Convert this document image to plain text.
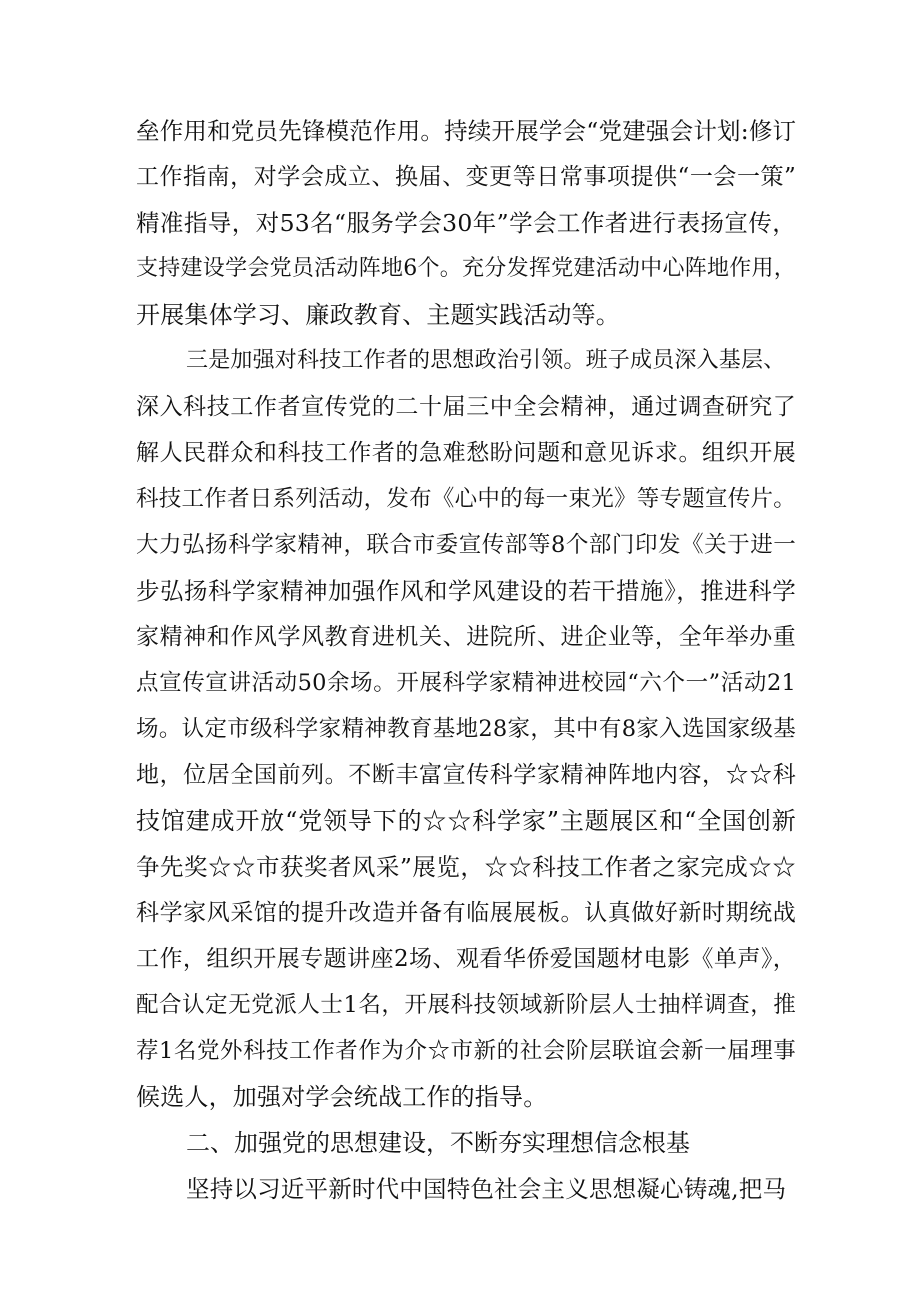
垒作用和党员先锋模范作用。持续开展学会“党建强会计划:修订
工作指南，对学会成立、换届、变更等日常事项提供“一会一策”
精准指导，对53名“服务学会30年”学会工作者进行表扬宣传，
支持建设学会党员活动阵地6个。充分发挥党建活动中心阵地作用，
开展集体学习、廉政教育、主题实践活动等。
三是加强对科技工作者的思想政治引领。班子成员深入基层、
深入科技工作者宣传党的二十届三中全会精神，通过调查研究了
解人民群众和科技工作者的急难愁盼问题和意见诉求。组织开展
科技工作者日系列活动，发布《心中的每一束光》等专题宣传片。
大力弘扬科学家精神，联合市委宣传部等8个部门印发《关于进一
步弘扬科学家精神加强作风和学风建设的若干措施》，推进科学
家精神和作风学风教育进机关、进院所、进企业等，全年举办重
点宣传宣讲活动50余场。开展科学家精神进校园“六个一”活动21
场。认定市级科学家精神教育基地28家，其中有8家入选国家级基
地，位居全国前列。不断丰富宣传科学家精神阵地内容，☆☆科
技馆建成开放“党领导下的☆☆科学家”主题展区和“全国创新
争先奖☆☆市获奖者风采”展览，☆☆科技工作者之家完成☆☆
科学家风采馆的提升改造并备有临展展板。认真做好新时期统战
工作，组织开展专题讲座2场、观看华侨爱国题材电影《单声》，
配合认定无党派人士1名，开展科技领域新阶层人士抽样调查，推
荐1名党外科技工作者作为介☆市新的社会阶层联谊会新一届理事
候选人，加强对学会统战工作的指导。
二、加强党的思想建设，不断夯实理想信念根基
坚持以习近平新时代中国特色社会主义思想凝心铸魂,把马
